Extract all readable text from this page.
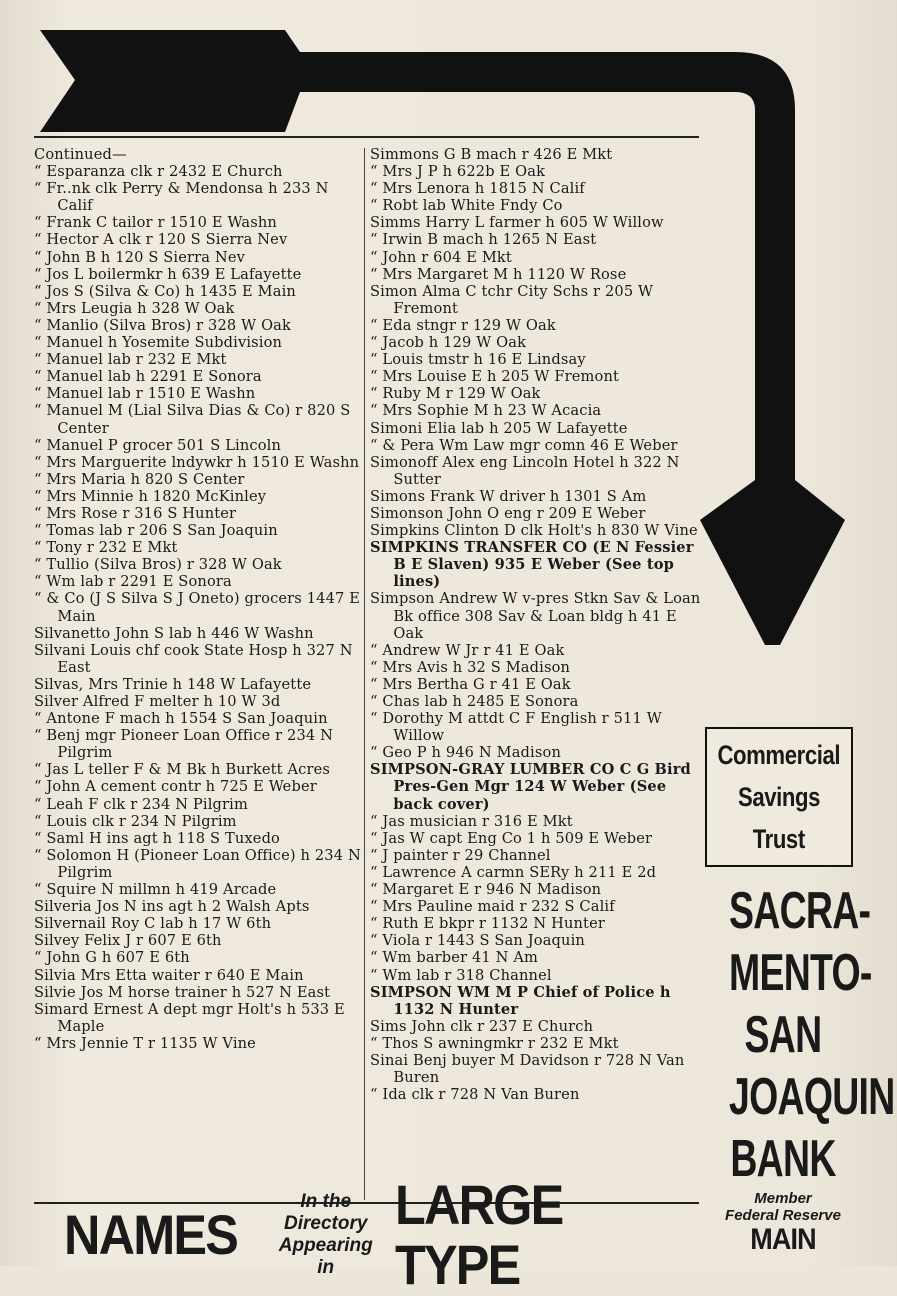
Continued—
“ Esparanza clk r 2432 E Church
“ Fr..nk clk Perry & Mendonsa h 233 N Calif
“ Frank C tailor r 1510 E Washn
“ Hector A clk r 120 S Sierra Nev
“ John B h 120 S Sierra Nev
“ Jos L boilermkr h 639 E Lafayette
“ Jos S (Silva & Co) h 1435 E Main
“ Mrs Leugia h 328 W Oak
“ Manlio (Silva Bros) r 328 W Oak
“ Manuel h Yosemite Subdivision
“ Manuel lab r 232 E Mkt
“ Manuel lab h 2291 E Sonora
“ Manuel lab r 1510 E Washn
“ Manuel M (Lial Silva Dias & Co) r 820 S Center
“ Manuel P grocer 501 S Lincoln
“ Mrs Marguerite lndywkr h 1510 E Washn
“ Mrs Maria h 820 S Center
“ Mrs Minnie h 1820 McKinley
“ Mrs Rose r 316 S Hunter
“ Tomas lab r 206 S San Joaquin
“ Tony r 232 E Mkt
“ Tullio (Silva Bros) r 328 W Oak
“ Wm lab r 2291 E Sonora
“ & Co (J S Silva S J Oneto) grocers 1447 E Main
Silvanetto John S lab h 446 W Washn
Silvani Louis chf cook State Hosp h 327 N East
Silvas, Mrs Trinie h 148 W Lafayette
Silver Alfred F melter h 10 W 3d
“ Antone F mach h 1554 S San Joaquin
“ Benj mgr Pioneer Loan Office r 234 N Pilgrim
“ Jas L teller F & M Bk h Burkett Acres
“ John A cement contr h 725 E Weber
“ Leah F clk r 234 N Pilgrim
“ Louis clk r 234 N Pilgrim
“ Saml H ins agt h 118 S Tuxedo
“ Solomon H (Pioneer Loan Office) h 234 N Pilgrim
“ Squire N millmn h 419 Arcade
Silveria Jos N ins agt h 2 Walsh Apts
Silvernail Roy C lab h 17 W 6th
Silvey Felix J r 607 E 6th
“ John G h 607 E 6th
Silvia Mrs Etta waiter r 640 E Main
Silvie Jos M horse trainer h 527 N East
Simard Ernest A dept mgr Holt's h 533 E Maple
“ Mrs Jennie T r 1135 W Vine
Simmons G B mach r 426 E Mkt
“ Mrs J P h 622b E Oak
“ Mrs Lenora h 1815 N Calif
“ Robt lab White Fndy Co
Simms Harry L farmer h 605 W Willow
“ Irwin B mach h 1265 N East
“ John r 604 E Mkt
“ Mrs Margaret M h 1120 W Rose
Simon Alma C tchr City Schs r 205 W Fremont
“ Eda stngr r 129 W Oak
“ Jacob h 129 W Oak
“ Louis tmstr h 16 E Lindsay
“ Mrs Louise E h 205 W Fremont
“ Ruby M r 129 W Oak
“ Mrs Sophie M h 23 W Acacia
Simoni Elia lab h 205 W Lafayette
“ & Pera Wm Law mgr comn 46 E Weber
Simonoff Alex eng Lincoln Hotel h 322 N Sutter
Simons Frank W driver h 1301 S Am
Simonson John O eng r 209 E Weber
Simpkins Clinton D clk Holt's h 830 W Vine
SIMPKINS TRANSFER CO (E N Fessier B E Slaven) 935 E Weber (See top lines)
Simpson Andrew W v-pres Stkn Sav & Loan Bk office 308 Sav & Loan bldg h 41 E Oak
“ Andrew W Jr r 41 E Oak
“ Mrs Avis h 32 S Madison
“ Mrs Bertha G r 41 E Oak
“ Chas lab h 2485 E Sonora
“ Dorothy M attdt C F English r 511 W Willow
“ Geo P h 946 N Madison
SIMPSON-GRAY LUMBER CO C G Bird Pres-Gen Mgr 124 W Weber (See back cover)
“ Jas musician r 316 E Mkt
“ Jas W capt Eng Co 1 h 509 E Weber
“ J painter r 29 Channel
“ Lawrence A carmn SERy h 211 E 2d
“ Margaret E r 946 N Madison
“ Mrs Pauline maid r 232 S Calif
“ Ruth E bkpr r 1132 N Hunter
“ Viola r 1443 S San Joaquin
“ Wm barber 41 N Am
“ Wm lab r 318 Channel
SIMPSON WM M P Chief of Police h 1132 N Hunter
Sims John clk r 237 E Church
“ Thos S awningmkr r 232 E Mkt
Sinai Benj buyer M Davidson r 728 N Van Buren
“ Ida clk r 728 N Van Buren
Commercial
Savings
Trust
SACRA-
MENTO-
SAN
JOAQUIN
BANK
Member
Federal Reserve
MAIN
NAMES
In the Directory
Appearing in
LARGE TYPE
